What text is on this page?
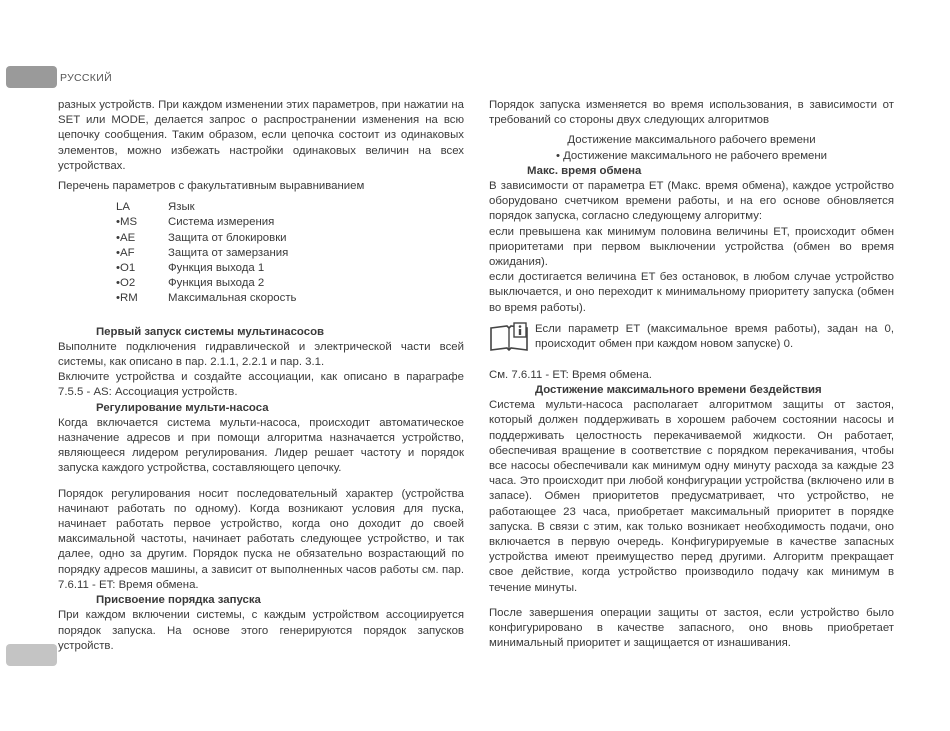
РУССКИЙ

разных устройств. При каждом изменении этих параметров, при нажатии на SET или MODE, делается запрос о распространении изменения на всю цепочку сообщения. Таким образом, если цепочка состоит из одинаковых элементов, можно избежать настройки одинаковых величин на всех устройствах.

Перечень параметров с факультативным выравниванием

LA	Язык
•MS	Система измерения
•AE	Защита от блокировки
•AF	Защита от замерзания
•O1	Функция выхода 1
•O2	Функция выхода 2
•RM	Максимальная скорость
Первый запуск системы мультинасосов

Выполните подключения гидравлической и электрической части всей системы, как описано в пар. 2.1.1, 2.2.1 и пар. 3.1.

Включите устройства и создайте ассоциации, как описано в параграфе 7.5.5 - AS: Ассоциация устройств.

Регулирование мульти-насоса

Когда включается система мульти-насоса, происходит автоматическое назначение адресов и при помощи алгоритма назначается устройство, являющееся лидером регулирования. Лидер решает частоту и порядок запуска каждого устройства, составляющего цепочку.

Порядок регулирования носит последовательный характер (устройства начинают работать по одному). Когда возникают условия для пуска, начинает работать первое устройство, когда оно доходит до своей максимальной частоты, начинает работать следующее устройство, и так далее, одно за другим. Порядок пуска не обязательно возрастающий по порядку адресов машины, а зависит от выполненных часов работы см. пар. 7.6.11 - ET: Время обмена.

Присвоение порядка запуска

При каждом включении системы, с каждым устройством ассоциируется порядок запуска. На основе этого генерируются порядок запусков устройств.

Порядок запуска изменяется во время использования, в зависимости от требований со стороны двух следующих алгоритмов

Достижение максимального рабочего времени
• Достижение максимального не рабочего времени
Макс. время обмена

В зависимости от параметра ET (Макс. время обмена), каждое устройство оборудовано счетчиком времени работы, и на его основе обновляется порядок запуска, согласно следующему алгоритму:

если превышена как минимум половина величины ET, происходит обмен приоритетами при первом выключении устройства (обмен во время ожидания).

если достигается величина ET без остановок, в любом случае устройство выключается, и оно переходит к минимальному приоритету запуска (обмен во время работы).

Если параметр ET (максимальное время работы), задан на 0, происходит обмен при каждом новом запуске) 0.

См. 7.6.11 - ET: Время обмена.

Достижение максимального времени бездействия

Система мульти-насоса располагает алгоритмом защиты от застоя, который должен поддерживать в хорошем рабочем состоянии насосы и поддерживать целостность перекачиваемой жидкости. Он работает, обеспечивая вращение в соответствие с порядком перекачивания, чтобы все насосы обеспечивали как минимум одну минуту расхода за каждые 23 часа. Это происходит при любой конфигурации устройства (включено или в запасе). Обмен приоритетов предусматривает, что устройство, не работающее 23 часа, приобретает максимальный приоритет в порядке запуска. В связи с этим, как только возникает необходимость подачи, оно включается в первую очередь. Конфигурируемые в качестве запасных устройства имеют преимущество перед другими. Алгоритм прекращает свое действие, когда устройство производило подачу как минимум в течение минуты.

После завершения операции защиты от застоя, если устройство было конфигурировано в качестве запасного, оно вновь приобретает минимальный приоритет и защищается от изнашивания.
